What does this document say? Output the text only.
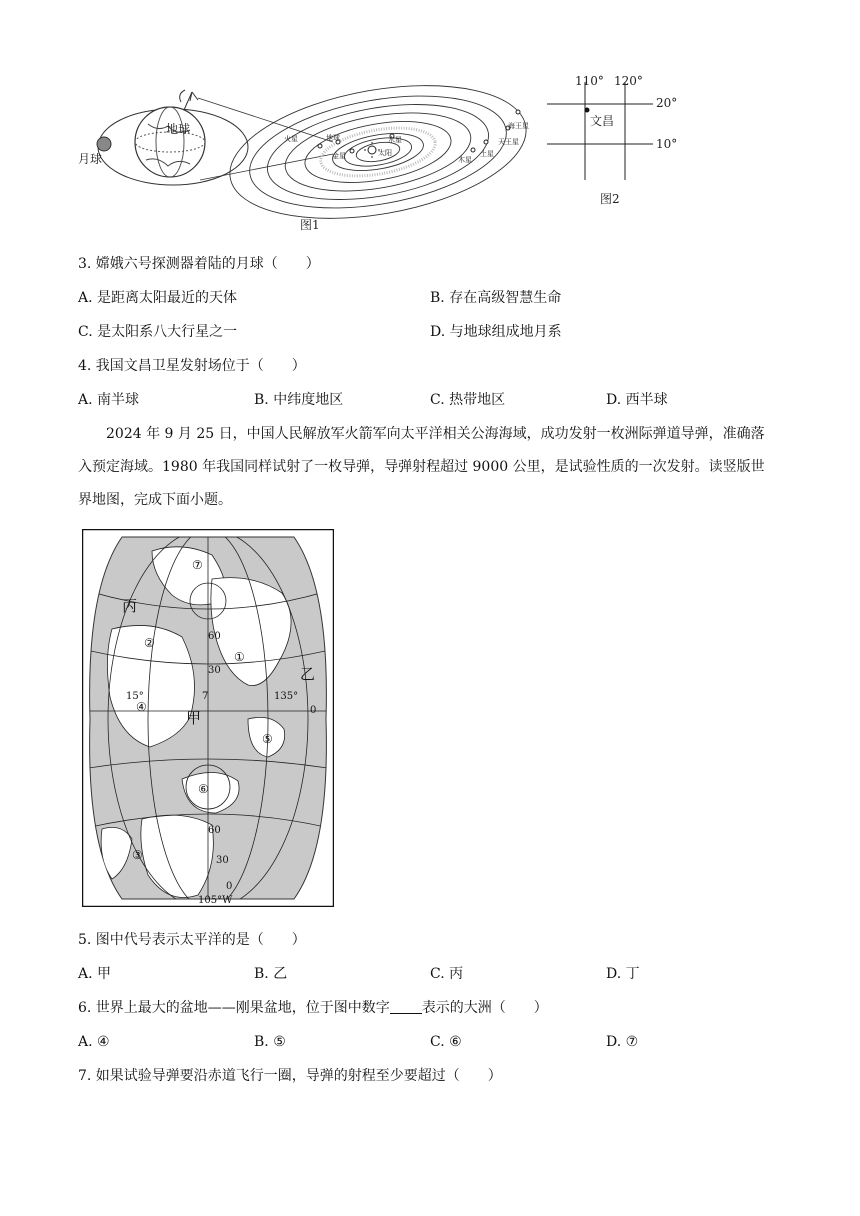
火星	地球
金星
水星
太阳	土星
天王星
海王星
木星
月球
地球
图1
110° 120°
20°
10°
文昌
图2
3. 嫦娥六号探测器着陆的月球（　　）
A. 是距离太阳最近的天体	B. 存在高级智慧生命
C. 是太阳系八大行星之一	D. 与地球组成地月系
4. 我国文昌卫星发射场位于（　　）
A. 南半球	B. 中纬度地区	C. 热带地区	D. 西半球
2024 年 9 月 25 日，中国人民解放军火箭军向太平洋相关公海海域，成功发射一枚洲际弹道导弹，准确落入预定海域。1980 年我国同样试射了一枚导弹，导弹射程超过 9000 公里，是试验性质的一次发射。读竖版世界地图，完成下面小题。
⑦
丙
②	60
①
30	乙
135°
0
7
15°
④
甲
⑤
⑥
60
③	30
0
105°W
5. 图中代号表示太平洋的是（　　）
A. 甲	B. 乙	C. 丙	D. 丁
6. 世界上最大的盆地——刚果盆地，位于图中数字 表示的大洲（　　）
A. ④	B. ⑤	C. ⑥	D. ⑦
7. 如果试验导弹要沿赤道飞行一圈，导弹的射程至少要超过（　　）
